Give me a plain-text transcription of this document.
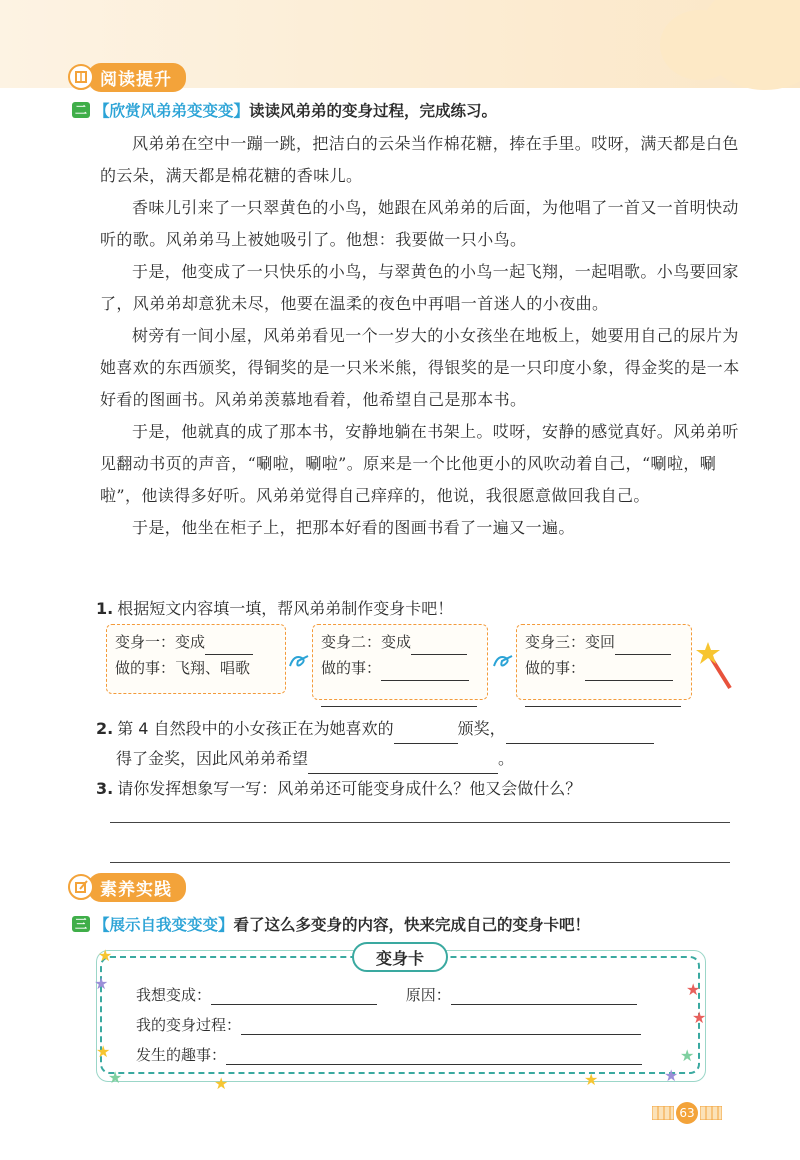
阅读提升
二 【欣赏风弟弟变变变】 读读风弟弟的变身过程，完成练习。

风弟弟在空中一蹦一跳，把洁白的云朵当作棉花糖，捧在手里。哎呀，满天都是白色的云朵，满天都是棉花糖的香味儿。

香味儿引来了一只翠黄色的小鸟，她跟在风弟弟的后面，为他唱了一首又一首明快动听的歌。风弟弟马上被她吸引了。他想：我要做一只小鸟。

于是，他变成了一只快乐的小鸟，与翠黄色的小鸟一起飞翔，一起唱歌。小鸟要回家了，风弟弟却意犹未尽，他要在温柔的夜色中再唱一首迷人的小夜曲。

树旁有一间小屋，风弟弟看见一个一岁大的小女孩坐在地板上，她要用自己的尿片为她喜欢的东西颁奖，得铜奖的是一只米米熊，得银奖的是一只印度小象，得金奖的是一本好看的图画书。风弟弟羡慕地看着，他希望自己是那本书。

于是，他就真的成了那本书，安静地躺在书架上。哎呀，安静的感觉真好。风弟弟听见翻动书页的声音，“唰啦，唰啦”。原来是一个比他更小的风吹动着自己，“唰啦，唰啦”，他读得多好听。风弟弟觉得自己痒痒的，他说，我很愿意做回我自己。

于是，他坐在柜子上，把那本好看的图画书看了一遍又一遍。

1. 根据短文内容填一填，帮风弟弟制作变身卡吧！
变身一：变成
做的事：飞翔、唱歌
变身二：变成
做的事：
变身三：变回
做的事：
2. 第 4 自然段中的小女孩正在为她喜欢的	颁奖，
得了金奖，因此风弟弟希望	。
3. 请你发挥想象写一写：风弟弟还可能变身成什么？他又会做什么？
素养实践
三 【展示自我变变变】 看了这么多变身的内容，快来完成自己的变身卡吧！
变身卡
我想变成：	原因：
我的变身过程：
发生的趣事：
★
★
★
★	★	★
★
★
★
★
63
